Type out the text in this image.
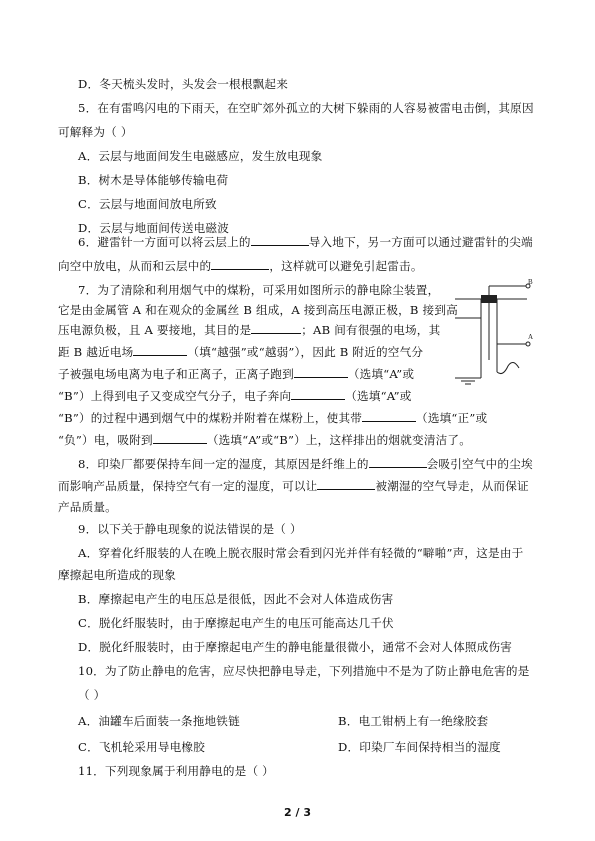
D．冬天梳头发时，头发会一根根飘起来
5．在有雷鸣闪电的下雨天，在空旷郊外孤立的大树下躲雨的人容易被雷电击倒，其原因
可解释为（ ）
A．云层与地面间发生电磁感应，发生放电现象
B．树木是导体能够传输电荷
C．云层与地面间放电所致
D．云层与地面间传送电磁波
6．避雷针一方面可以将云层上的	导入地下，另一方面可以通过避雷针的尖端
向空中放电，从而和云层中的	，这样就可以避免引起雷击。
7．为了清除和利用烟气中的煤粉，可采用如图所示的静电除尘装置，
它是由金属管 A 和在观众的金属丝 B 组成，A 接到高压电源正极，B 接到高
压电源负极，且 A 要接地，其目的是	；AB 间有很强的电场，其
距 B 越近电场	（填“越强”或“越弱”），因此 B 附近的空气分
子被强电场电离为电子和正离子，正离子跑到	（选填“A”或
“B”）上得到电子又变成空气分子，电子奔向	（选填“A”或
“B”）的过程中遇到烟气中的煤粉并附着在煤粉上，使其带	（选填“正”或
“负”）电，吸附到	（选填“A”或“B”）上，这样排出的烟就变清洁了。
8．印染厂都要保持车间一定的湿度，其原因是纤维上的	会吸引空气中的尘埃
而影响产品质量，保持空气有一定的湿度，可以让	被潮湿的空气导走，从而保证
产品质量。
9．以下关于静电现象的说法错误的是（ ）
A．穿着化纤服装的人在晚上脱衣服时常会看到闪光并伴有轻微的“噼啪”声，这是由于
摩擦起电所造成的现象
B．摩擦起电产生的电压总是很低，因此不会对人体造成伤害
C．脱化纤服装时，由于摩擦起电产生的电压可能高达几千伏
D．脱化纤服装时，由于摩擦起电产生的静电能量很微小，通常不会对人体照成伤害
10．为了防止静电的危害，应尽快把静电导走，下列措施中不是为了防止静电危害的是
（ ）
A．油罐车后面装一条拖地铁链	B．电工钳柄上有一绝缘胶套
C．飞机轮采用导电橡胶	D．印染厂车间保持相当的湿度
11．下列现象属于利用静电的是（ ）
B
A
2 / 3
